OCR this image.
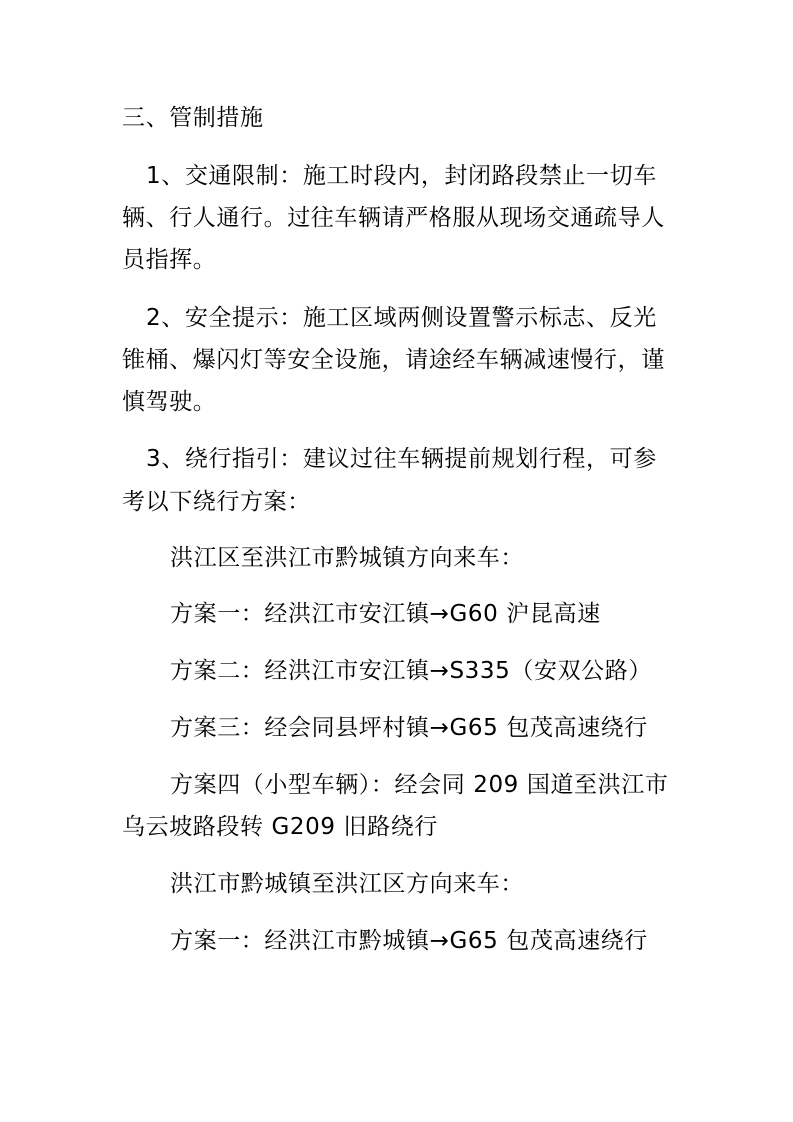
三、管制措施

1、交通限制：施工时段内，封闭路段禁止一切车

辆、行人通行。过往车辆请严格服从现场交通疏导人

员指挥。

2、安全提示：施工区域两侧设置警示标志、反光

锥桶、爆闪灯等安全设施，请途经车辆减速慢行，谨

慎驾驶。

3、绕行指引：建议过往车辆提前规划行程，可参

考以下绕行方案：

洪江区至洪江市黔城镇方向来车：

方案一：经洪江市安江镇→G60 沪昆高速

方案二：经洪江市安江镇→S335（安双公路）

方案三：经会同县坪村镇→G65 包茂高速绕行

方案四（小型车辆）：经会同 209 国道至洪江市

乌云坡路段转 G209 旧路绕行

洪江市黔城镇至洪江区方向来车：

方案一：经洪江市黔城镇→G65 包茂高速绕行
